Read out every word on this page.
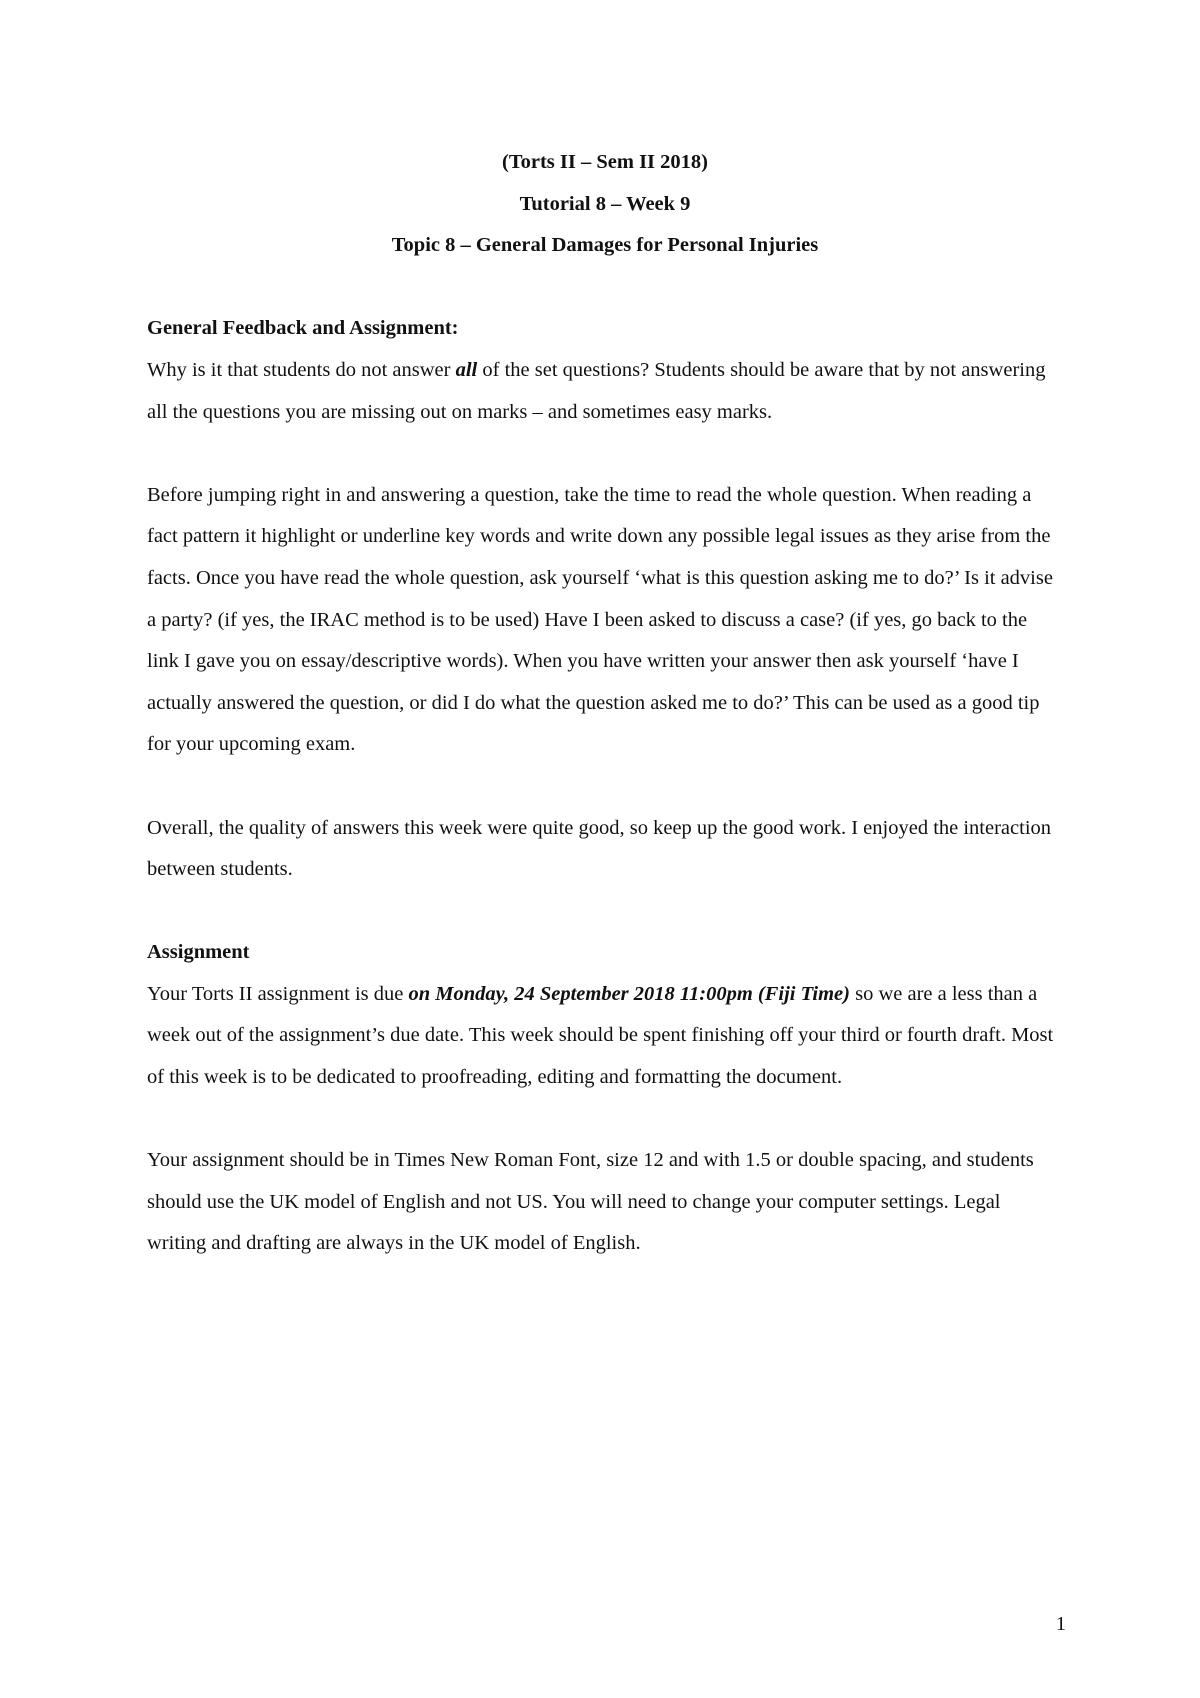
(Torts II – Sem II 2018)

Tutorial 8 – Week 9

Topic 8 – General Damages for Personal Injuries

General Feedback and Assignment:

Why is it that students do not answer all of the set questions? Students should be aware that by not answering all the questions you are missing out on marks – and sometimes easy marks.

Before jumping right in and answering a question, take the time to read the whole question. When reading a fact pattern it highlight or underline key words and write down any possible legal issues as they arise from the facts. Once you have read the whole question, ask yourself ‘what is this question asking me to do?’ Is it advise a party? (if yes, the IRAC method is to be used) Have I been asked to discuss a case? (if yes, go back to the link I gave you on essay/descriptive words). When you have written your answer then ask yourself ‘have I actually answered the question, or did I do what the question asked me to do?’ This can be used as a good tip for your upcoming exam.

Overall, the quality of answers this week were quite good, so keep up the good work. I enjoyed the interaction between students.

Assignment

Your Torts II assignment is due on Monday, 24 September 2018 11:00pm (Fiji Time) so we are a less than a week out of the assignment’s due date. This week should be spent finishing off your third or fourth draft. Most of this week is to be dedicated to proofreading, editing and formatting the document.

Your assignment should be in Times New Roman Font, size 12 and with 1.5 or double spacing, and students should use the UK model of English and not US. You will need to change your computer settings. Legal writing and drafting are always in the UK model of English.

1
